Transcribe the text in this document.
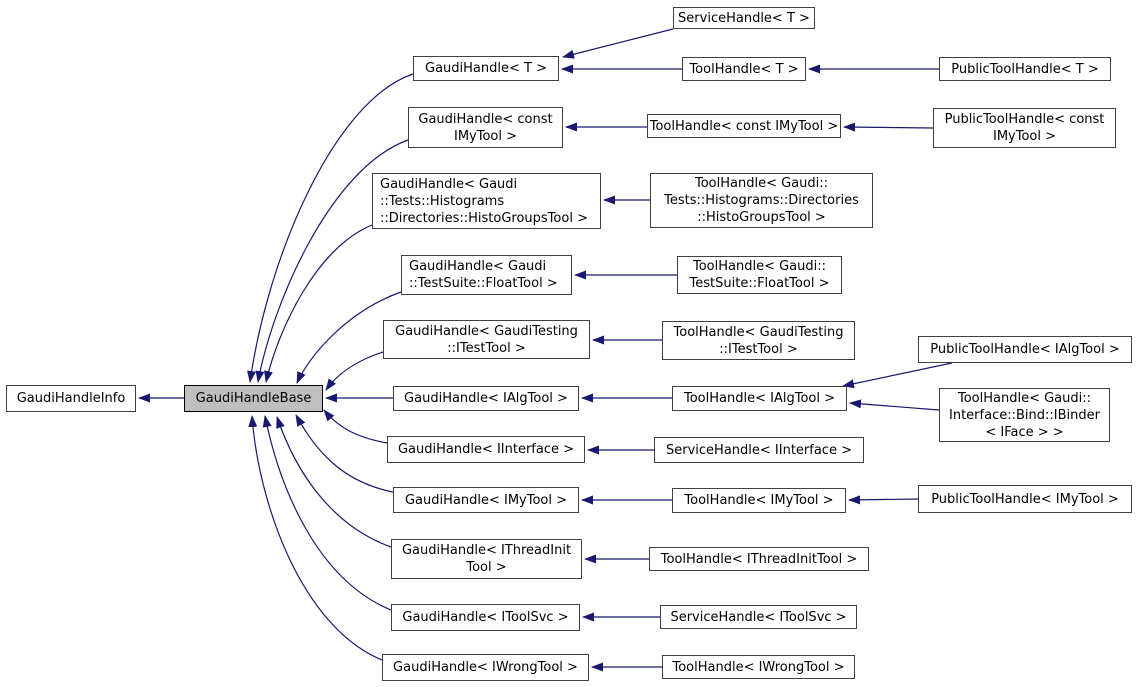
GaudiHandleInfo	GaudiHandleBase
GaudiHandle< T >
GaudiHandle< const
IMyTool >
GaudiHandle< Gaudi
::Tests::Histograms
::Directories::HistoGroupsTool >
GaudiHandle< Gaudi
::TestSuite::FloatTool >
GaudiHandle< GaudiTesting
::ITestTool >
GaudiHandle< IAlgTool >
GaudiHandle< IInterface >
GaudiHandle< IMyTool >
GaudiHandle< IThreadInit
Tool >
GaudiHandle< IToolSvc >
GaudiHandle< IWrongTool >
ServiceHandle< T >
ToolHandle< T >
ToolHandle< const IMyTool >
ToolHandle< Gaudi::
Tests::Histograms::Directories
::HistoGroupsTool >
ToolHandle< Gaudi::
TestSuite::FloatTool >
ToolHandle< GaudiTesting
::ITestTool >
ToolHandle< IAlgTool >
ServiceHandle< IInterface >
ToolHandle< IMyTool >
ToolHandle< IThreadInitTool >
ServiceHandle< IToolSvc >
ToolHandle< IWrongTool >
PublicToolHandle< T >
PublicToolHandle< const
IMyTool >
PublicToolHandle< IAlgTool >
ToolHandle< Gaudi::
Interface::Bind::IBinder
< IFace > >
PublicToolHandle< IMyTool >
